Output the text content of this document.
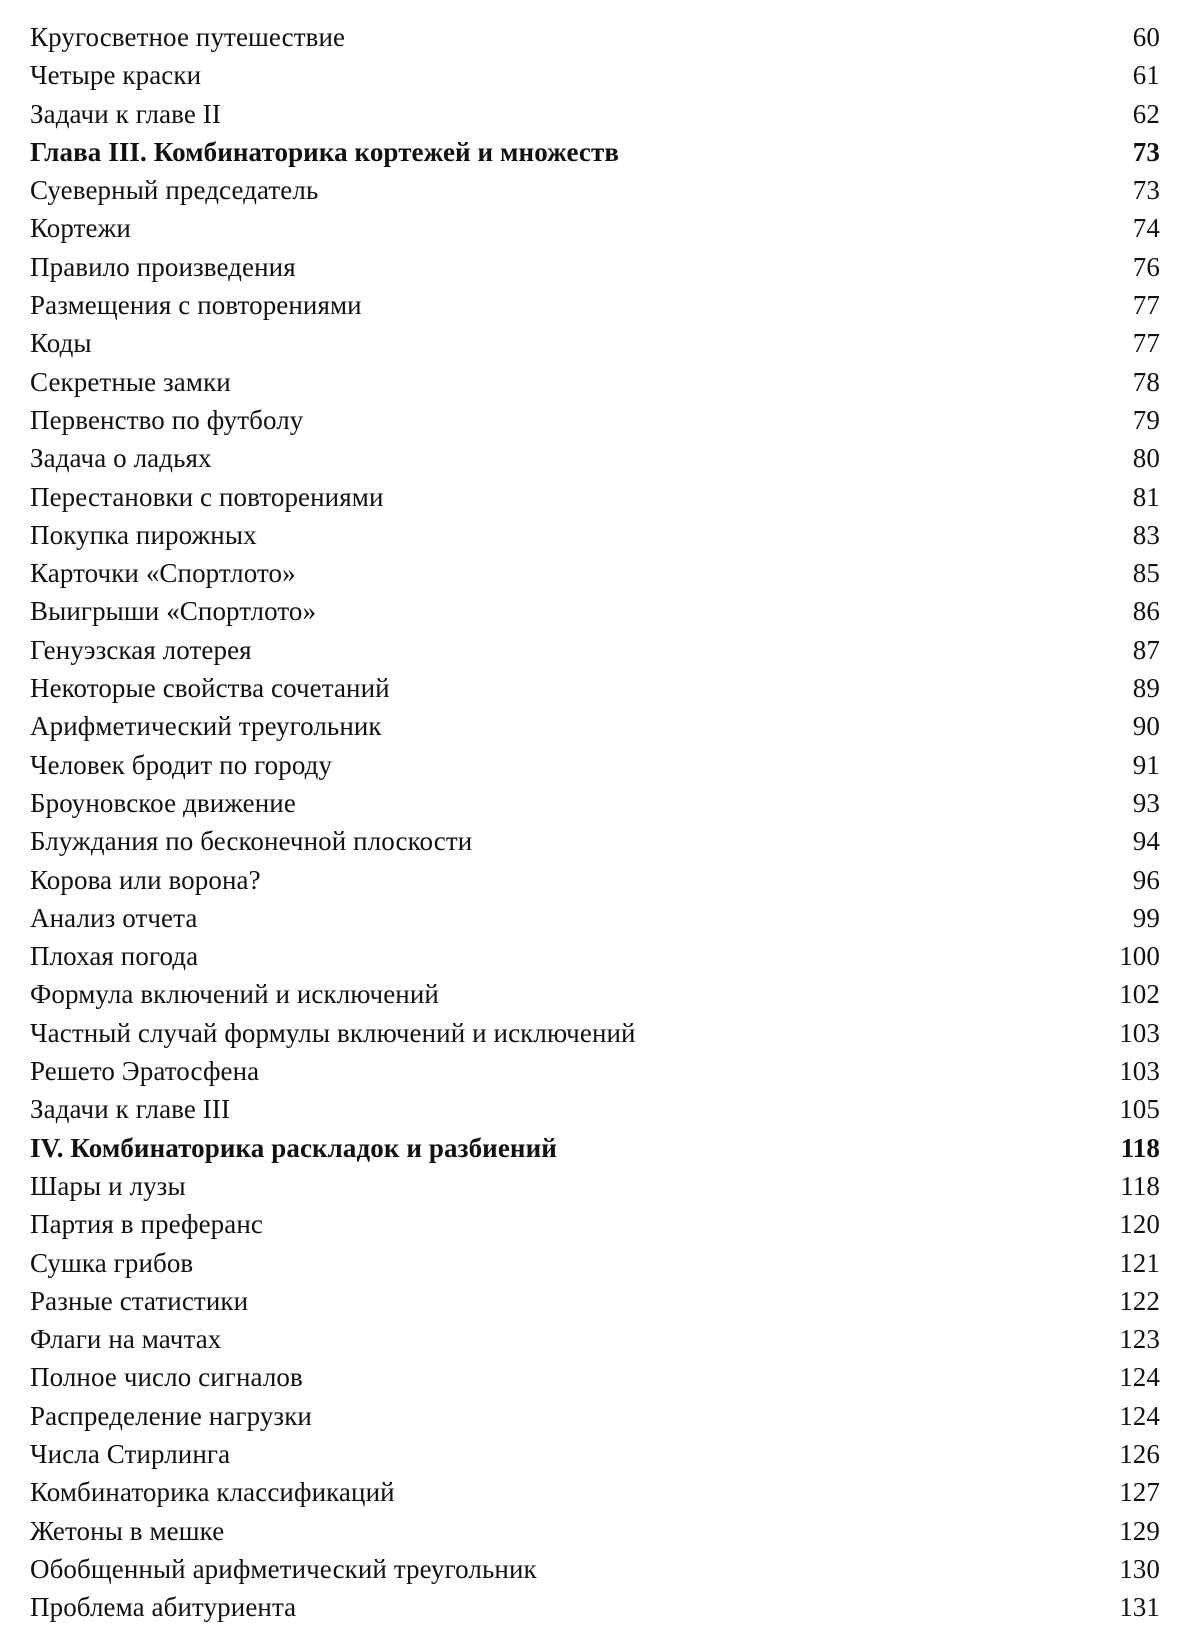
Кругосветное путешествие	60
Четыре краски	61
Задачи к главе II	62
Глава III. Комбинаторика кортежей и множеств	73
Суеверный председатель	73
Кортежи	74
Правило произведения	76
Размещения с повторениями	77
Коды	77
Секретные замки	78
Первенство по футболу	79
Задача о ладьях	80
Перестановки с повторениями	81
Покупка пирожных	83
Карточки «Спортлото»	85
Выигрыши «Спортлото»	86
Генуэзская лотерея	87
Некоторые свойства сочетаний	89
Арифметический треугольник	90
Человек бродит по городу	91
Броуновское движение	93
Блуждания по бесконечной плоскости	94
Корова или ворона?	96
Анализ отчета	99
Плохая погода	100
Формула включений и исключений	102
Частный случай формулы включений и исключений	103
Решето Эратосфена	103
Задачи к главе III	105
IV. Комбинаторика раскладок и разбиений	118
Шары и лузы	118
Партия в преферанс	120
Сушка грибов	121
Разные статистики	122
Флаги на мачтах	123
Полное число сигналов	124
Распределение нагрузки	124
Числа Стирлинга	126
Комбинаторика классификаций	127
Жетоны в мешке	129
Обобщенный арифметический треугольник	130
Проблема абитуриента	131
